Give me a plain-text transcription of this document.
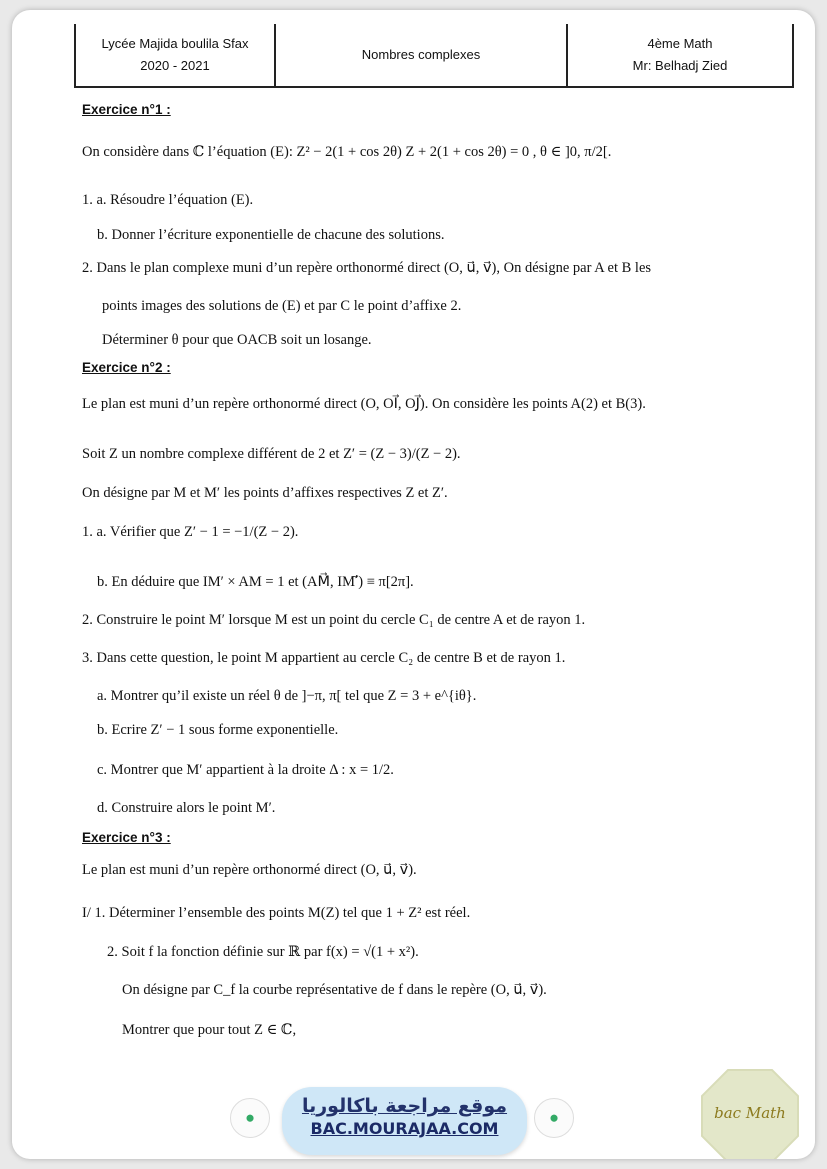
Lycée Majida boulila Sfax
2020 - 2021
Nombres complexes
4ème Math
Mr: Belhadj Zied
Exercice n°1 :
On considère dans ℂ l’équation (E): Z² − 2(1 + cos 2θ) Z + 2(1 + cos 2θ) = 0 , θ ∈ ]0, π/2[.
1. a. Résoudre l’équation (E).
b. Donner l’écriture exponentielle de chacune des solutions.
2. Dans le plan complexe muni d’un repère orthonormé direct (O, u⃗, v⃗), On désigne par A et B les
points images des solutions de (E) et par C le point d’affixe 2.
Déterminer θ pour que OACB soit un losange.
Exercice n°2 :
Le plan est muni d’un repère orthonormé direct (O, OI⃗, OJ⃗). On considère les points A(2) et B(3).
Soit Z un nombre complexe différent de 2 et Z′ = (Z − 3)/(Z − 2).
On désigne par M et M′ les points d’affixes respectives Z et Z′.
1. a. Vérifier que Z′ − 1 = −1/(Z − 2).
b. En déduire que IM′ × AM = 1 et (AM⃗, IM′⃗) ≡ π[2π].
2. Construire le point M′ lorsque M est un point du cercle C₁ de centre A et de rayon 1.
3. Dans cette question, le point M appartient au cercle C₂ de centre B et de rayon 1.
a. Montrer qu’il existe un réel θ de ]−π, π[ tel que Z = 3 + e^{iθ}.
b. Ecrire Z′ − 1 sous forme exponentielle.
c. Montrer que M′ appartient à la droite Δ : x = 1/2.
d. Construire alors le point M′.
Exercice n°3 :
Le plan est muni d’un repère orthonormé direct (O, u⃗, v⃗).
I/ 1. Déterminer l’ensemble des points M(Z) tel que 1 + Z² est réel.
2. Soit f la fonction définie sur ℝ par f(x) = √(1 + x²).
On désigne par C_f la courbe représentative de f dans le repère (O, u⃗, v⃗).
Montrer que pour tout Z ∈ ℂ,
⬤
موقع مراجعة باكالوريا
BAC.MOURAJAA.COM
⬤	bac Math
